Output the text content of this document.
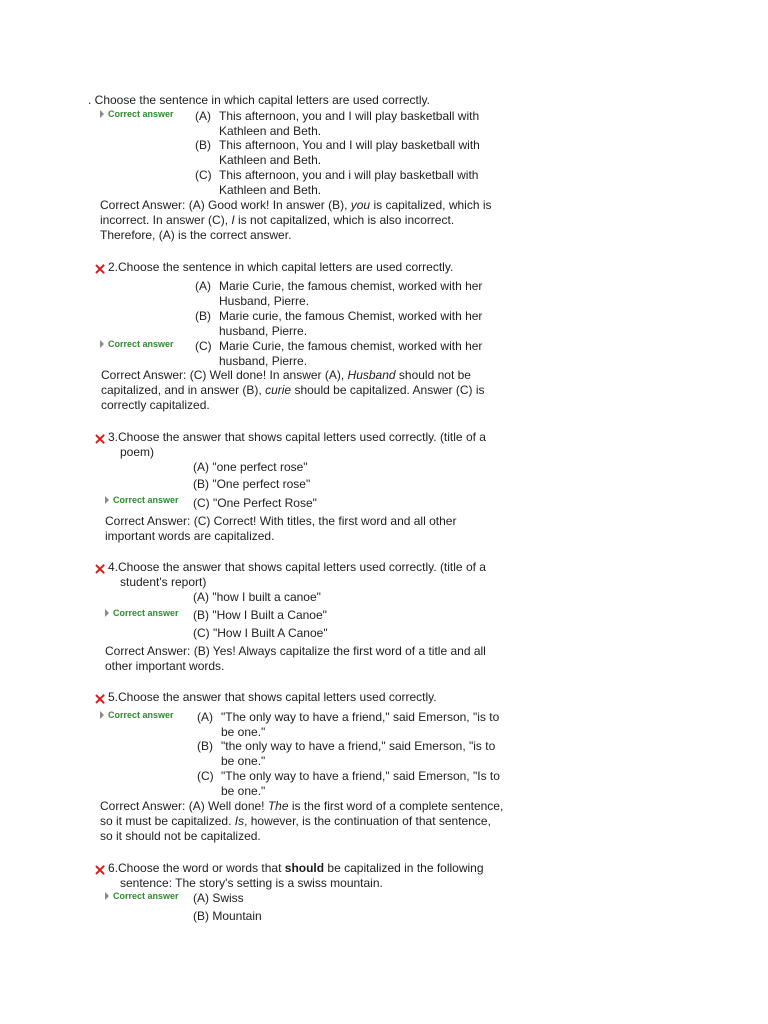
. Choose the sentence in which capital letters are used correctly.
Correct answer (A) This afternoon, you and I will play basketball with
Kathleen and Beth.
(B) This afternoon, You and I will play basketball with
Kathleen and Beth.
(C) This afternoon, you and i will play basketball with
Kathleen and Beth.
Correct Answer: (A) Good work! In answer (B), you is capitalized, which is
incorrect. In answer (C), I is not capitalized, which is also incorrect.
Therefore, (A) is the correct answer.
2.Choose the sentence in which capital letters are used correctly.
(A) Marie Curie, the famous chemist, worked with her
Husband, Pierre.
(B) Marie curie, the famous Chemist, worked with her
husband, Pierre.
Correct answer (C) Marie Curie, the famous chemist, worked with her
husband, Pierre.
Correct Answer: (C) Well done! In answer (A), Husband should not be
capitalized, and in answer (B), curie should be capitalized. Answer (C) is
correctly capitalized.
3.Choose the answer that shows capital letters used correctly. (title of a
poem)
(A) "one perfect rose"
(B) "One perfect rose"
Correct answer (C) "One Perfect Rose"
Correct Answer: (C) Correct! With titles, the first word and all other
important words are capitalized.
4.Choose the answer that shows capital letters used correctly. (title of a
student's report)
(A) "how I built a canoe"
Correct answer (B) "How I Built a Canoe"
(C) "How I Built A Canoe"
Correct Answer: (B) Yes! Always capitalize the first word of a title and all
other important words.
5.Choose the answer that shows capital letters used correctly.
Correct answer (A) "The only way to have a friend," said Emerson, "is to
be one."
(B) "the only way to have a friend," said Emerson, "is to
be one."
(C) "The only way to have a friend," said Emerson, "Is to
be one."
Correct Answer: (A) Well done! The is the first word of a complete sentence,
so it must be capitalized. Is, however, is the continuation of that sentence,
so it should not be capitalized.
6.Choose the word or words that should be capitalized in the following
sentence: The story's setting is a swiss mountain.
Correct answer (A) Swiss
(B) Mountain
